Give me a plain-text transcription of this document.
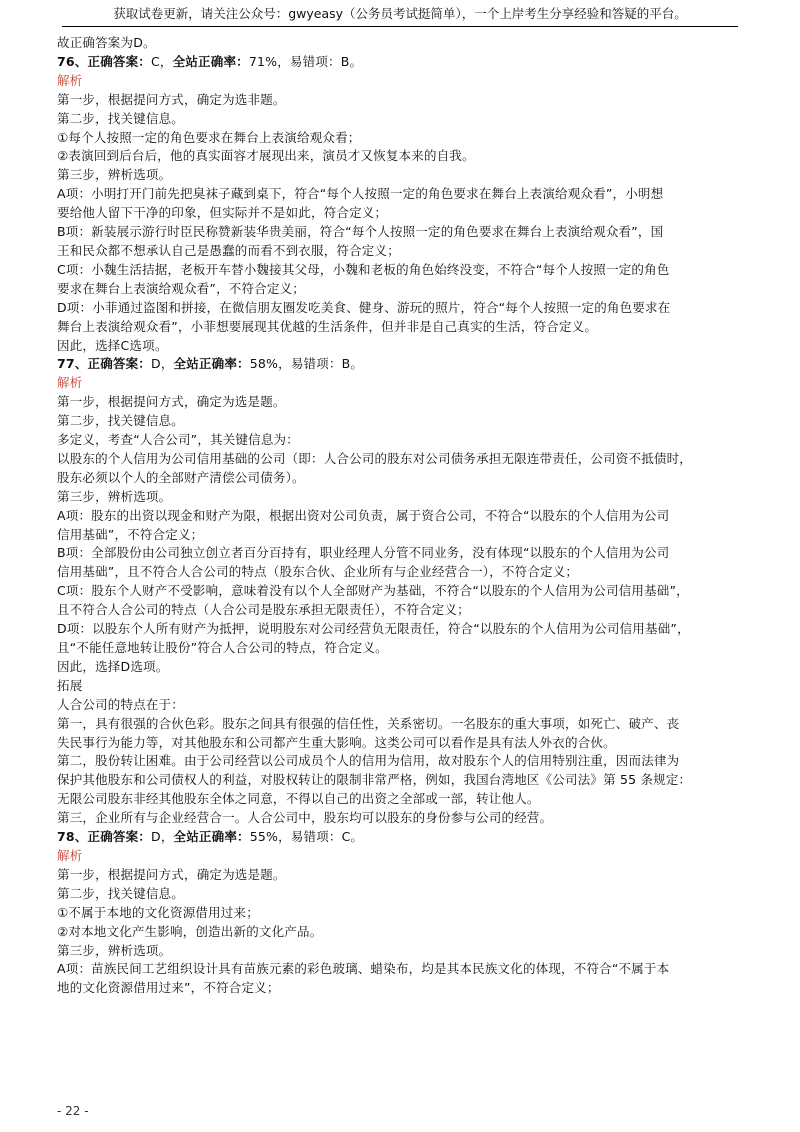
获取试卷更新，请关注公众号：gwyeasy（公务员考试挺简单），一个上岸考生分享经验和答疑的平台。
故正确答案为D。
76、正确答案：C，全站正确率：71%，易错项：B。
解析
第一步，根据提问方式，确定为选非题。
第二步，找关键信息。
①每个人按照一定的角色要求在舞台上表演给观众看；
②表演回到后台后，他的真实面容才展现出来，演员才又恢复本来的自我。
第三步，辨析选项。
A项：小明打开门前先把臭袜子藏到桌下，符合“每个人按照一定的角色要求在舞台上表演给观众看”，小明想
要给他人留下干净的印象，但实际并不是如此，符合定义；
B项：新装展示游行时臣民称赞新装华贵美丽，符合“每个人按照一定的角色要求在舞台上表演给观众看”，国
王和民众都不想承认自己是愚蠢的而看不到衣服，符合定义；
C项：小魏生活拮据，老板开车替小魏接其父母，小魏和老板的角色始终没变，不符合“每个人按照一定的角色
要求在舞台上表演给观众看”，不符合定义；
D项：小菲通过盗图和拼接，在微信朋友圈发吃美食、健身、游玩的照片，符合“每个人按照一定的角色要求在
舞台上表演给观众看”，小菲想要展现其优越的生活条件，但并非是自己真实的生活，符合定义。
因此，选择C选项。
77、正确答案：D，全站正确率：58%，易错项：B。
解析
第一步，根据提问方式，确定为选是题。
第二步，找关键信息。
多定义，考查“人合公司”，其关键信息为：
以股东的个人信用为公司信用基础的公司（即：人合公司的股东对公司债务承担无限连带责任，公司资不抵债时，
股东必须以个人的全部财产清偿公司债务）。
第三步，辨析选项。
A项：股东的出资以现金和财产为限，根据出资对公司负责，属于资合公司，不符合“以股东的个人信用为公司
信用基础”，不符合定义；
B项：全部股份由公司独立创立者百分百持有，职业经理人分管不同业务，没有体现“以股东的个人信用为公司
信用基础”，且不符合人合公司的特点（股东合伙、企业所有与企业经营合一），不符合定义；
C项：股东个人财产不受影响，意味着没有以个人全部财产为基础，不符合“以股东的个人信用为公司信用基础”，
且不符合人合公司的特点（人合公司是股东承担无限责任），不符合定义；
D项：以股东个人所有财产为抵押，说明股东对公司经营负无限责任，符合“以股东的个人信用为公司信用基础”，
且“不能任意地转让股份”符合人合公司的特点，符合定义。
因此，选择D选项。
拓展
人合公司的特点在于：
第一，具有很强的合伙色彩。股东之间具有很强的信任性，关系密切。一名股东的重大事项，如死亡、破产、丧
失民事行为能力等，对其他股东和公司都产生重大影响。这类公司可以看作是具有法人外衣的合伙。
第二，股份转让困难。由于公司经营以公司成员个人的信用为信用，故对股东个人的信用特别注重，因而法律为
保护其他股东和公司债权人的利益，对股权转让的限制非常严格，例如，我国台湾地区《公司法》第 55 条规定：
无限公司股东非经其他股东全体之同意，不得以自己的出资之全部或一部，转让他人。
第三，企业所有与企业经营合一。人合公司中，股东均可以股东的身份参与公司的经营。
78、正确答案：D，全站正确率：55%，易错项：C。
解析
第一步，根据提问方式，确定为选是题。
第二步，找关键信息。
①不属于本地的文化资源借用过来；
②对本地文化产生影响，创造出新的文化产品。
第三步，辨析选项。
A项：苗族民间工艺组织设计具有苗族元素的彩色玻璃、蜡染布，均是其本民族文化的体现，不符合“不属于本
地的文化资源借用过来”，不符合定义；
- 22 -
